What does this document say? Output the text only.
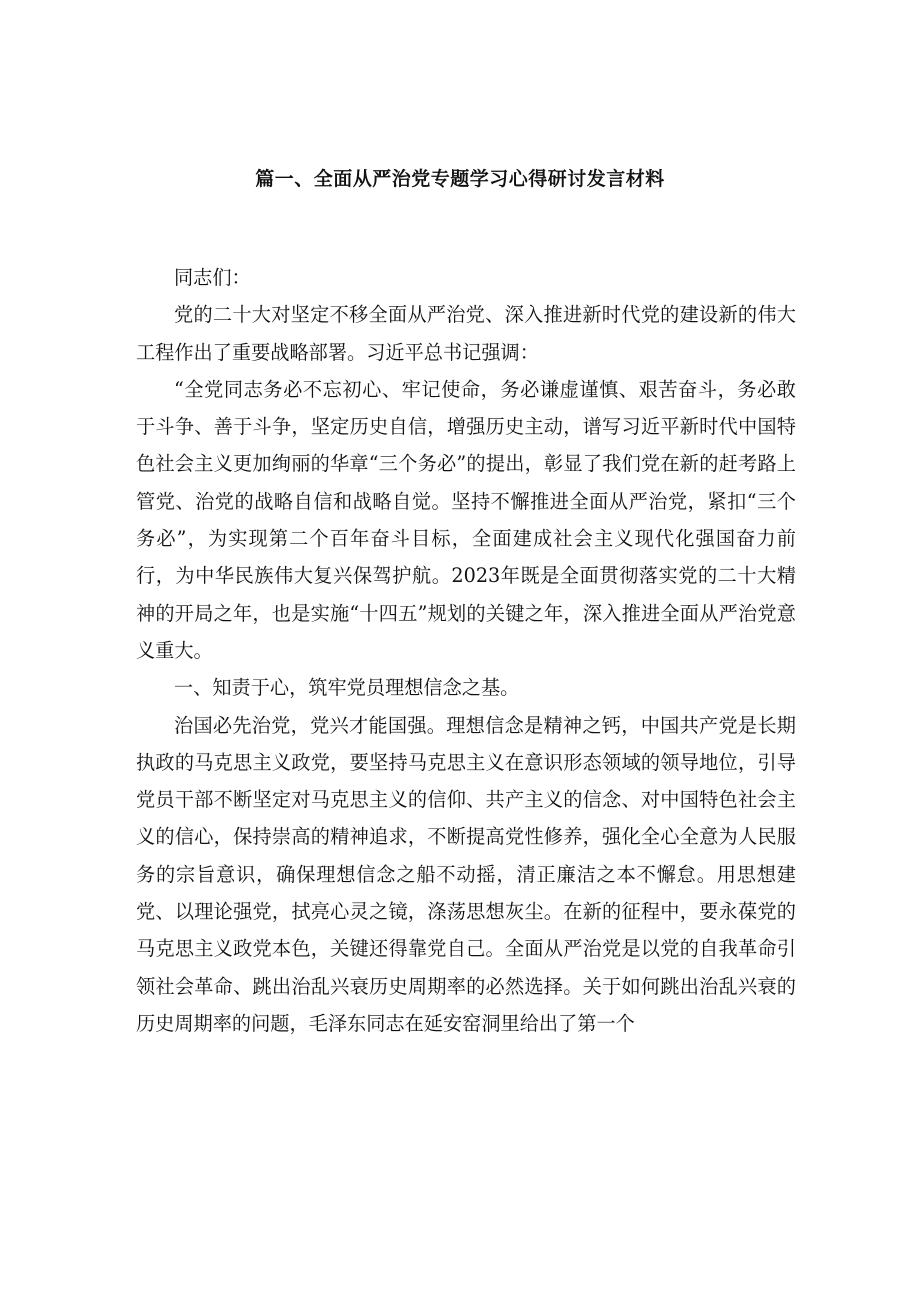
篇一、全面从严治党专题学习心得研讨发言材料

同志们：

党的二十大对坚定不移全面从严治党、深入推进新时代党的建设新的伟大工程作出了重要战略部署。习近平总书记强调：

“全党同志务必不忘初心、牢记使命，务必谦虚谨慎、艰苦奋斗，务必敢于斗争、善于斗争，坚定历史自信，增强历史主动，谱写习近平新时代中国特色社会主义更加绚丽的华章“三个务必”的提出，彰显了我们党在新的赶考路上管党、治党的战略自信和战略自觉。坚持不懈推进全面从严治党，紧扣“三个务必”，为实现第二个百年奋斗目标，全面建成社会主义现代化强国奋力前行，为中华民族伟大复兴保驾护航。2023年既是全面贯彻落实党的二十大精神的开局之年，也是实施“十四五”规划的关键之年，深入推进全面从严治党意义重大。

一、知责于心，筑牢党员理想信念之基。

治国必先治党，党兴才能国强。理想信念是精神之钙，中国共产党是长期执政的马克思主义政党，要坚持马克思主义在意识形态领域的领导地位，引导党员干部不断坚定对马克思主义的信仰、共产主义的信念、对中国特色社会主义的信心，保持崇高的精神追求，不断提高党性修养，强化全心全意为人民服务的宗旨意识，确保理想信念之船不动摇，清正廉洁之本不懈怠。用思想建党、以理论强党，拭亮心灵之镜，涤荡思想灰尘。在新的征程中，要永葆党的马克思主义政党本色，关键还得靠党自己。全面从严治党是以党的自我革命引领社会革命、跳出治乱兴衰历史周期率的必然选择。关于如何跳出治乱兴衰的历史周期率的问题，毛泽东同志在延安窑洞里给出了第一个
